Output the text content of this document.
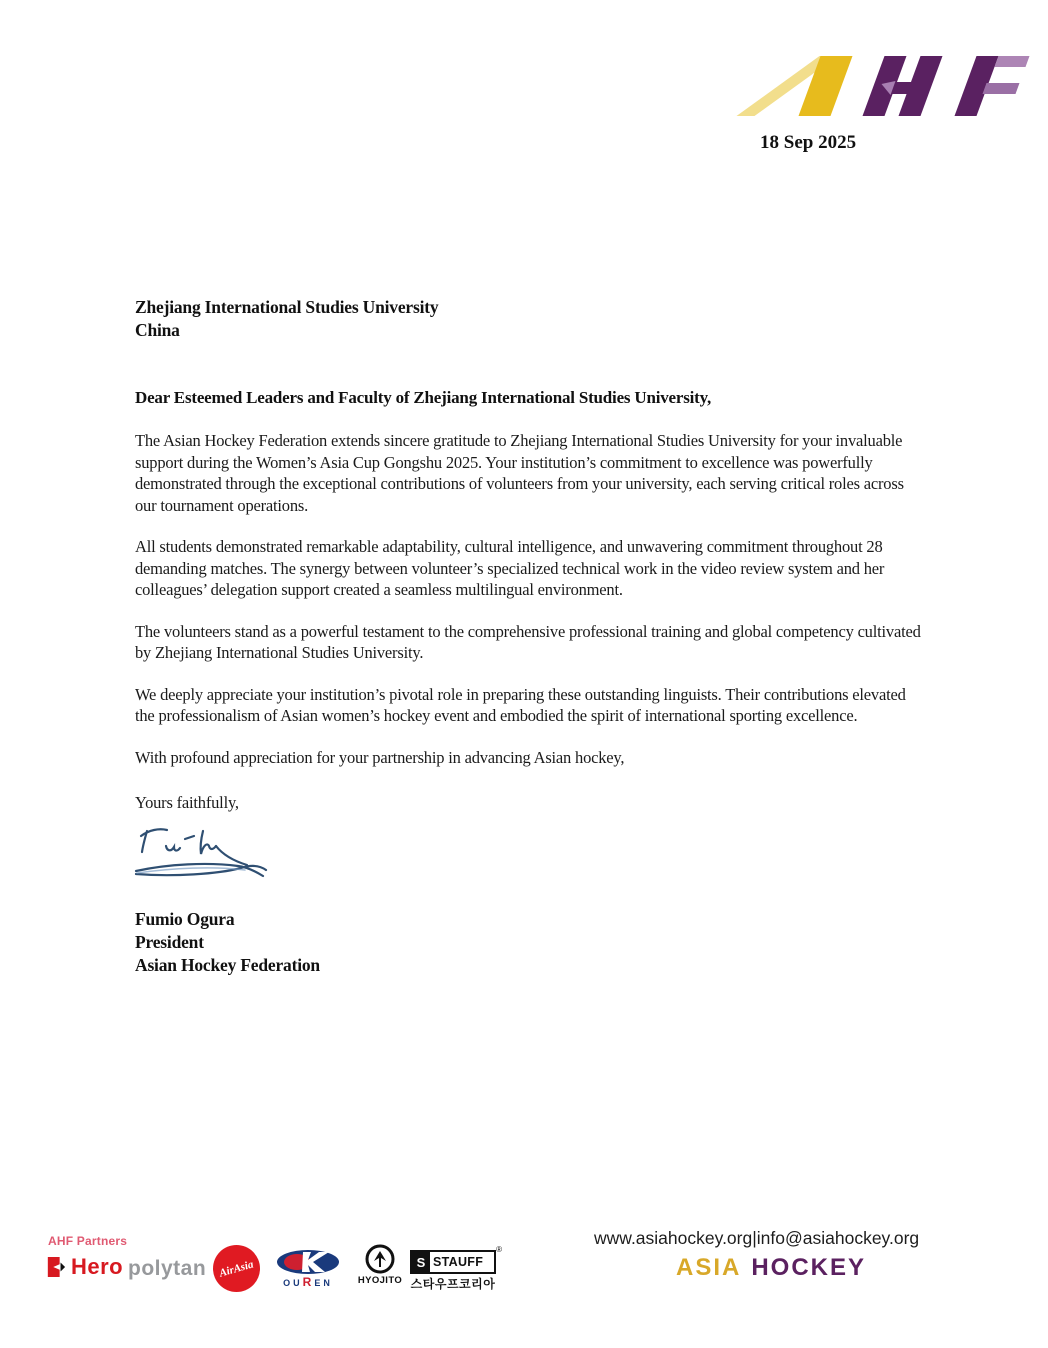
18 Sep 2025
Zhejiang International Studies University
China
Dear Esteemed Leaders and Faculty of Zhejiang International Studies University,

The Asian Hockey Federation extends sincere gratitude to Zhejiang International Studies University for your invaluable support during the Women’s Asia Cup Gongshu 2025. Your institution’s commitment to excellence was powerfully demonstrated through the exceptional contributions of volunteers from your university, each serving critical roles across our tournament operations.

All students demonstrated remarkable adaptability, cultural intelligence, and unwavering commitment throughout 28 demanding matches. The synergy between volunteer’s specialized technical work in the video review system and her colleagues’ delegation support created a seamless multilingual environment.

The volunteers stand as a powerful testament to the comprehensive professional training and global competency cultivated by Zhejiang International Studies University.

We deeply appreciate your institution’s pivotal role in preparing these outstanding linguists. Their contributions elevated the professionalism of Asian women’s hockey event and embodied the spirit of international sporting excellence.

With profound appreciation for your partnership in advancing Asian hockey,

Yours faithfully,

Fumio Ogura
President
Asian Hockey Federation
AHF Partners
Hero polytan AirAsia
OUREN	HYOJITO
S STAUFF
®
스타우프코리아
www.asiahockey.org|info@asiahockey.org
ASIA HOCKEY
